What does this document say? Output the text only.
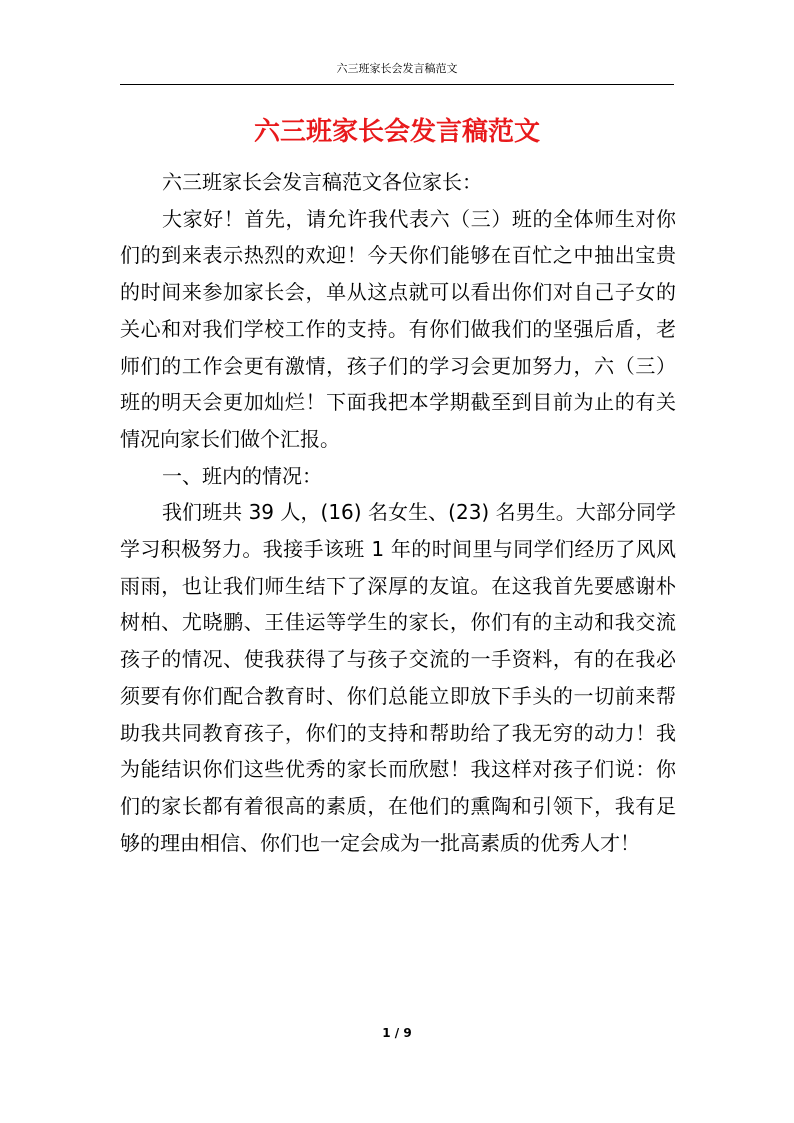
六三班家长会发言稿范文
六三班家长会发言稿范文

六三班家长会发言稿范文各位家长：

大家好！首先，请允许我代表六（三）班的全体师生对你们的到来表示热烈的欢迎！今天你们能够在百忙之中抽出宝贵的时间来参加家长会，单从这点就可以看出你们对自己子女的关心和对我们学校工作的支持。有你们做我们的坚强后盾，老师们的工作会更有激情，孩子们的学习会更加努力，六（三）班的明天会更加灿烂！下面我把本学期截至到目前为止的有关情况向家长们做个汇报。

一、班内的情况：

我们班共 39 人，(16) 名女生、(23) 名男生。大部分同学学习积极努力。我接手该班 1 年的时间里与同学们经历了风风雨雨，也让我们师生结下了深厚的友谊。在这我首先要感谢朴树柏、尤晓鹏、王佳运等学生的家长，你们有的主动和我交流孩子的情况、使我获得了与孩子交流的一手资料，有的在我必须要有你们配合教育时、你们总能立即放下手头的一切前来帮助我共同教育孩子，你们的支持和帮助给了我无穷的动力！我为能结识你们这些优秀的家长而欣慰！我这样对孩子们说：你们的家长都有着很高的素质，在他们的熏陶和引领下，我有足够的理由相信、你们也一定会成为一批高素质的优秀人才！

1 / 9
